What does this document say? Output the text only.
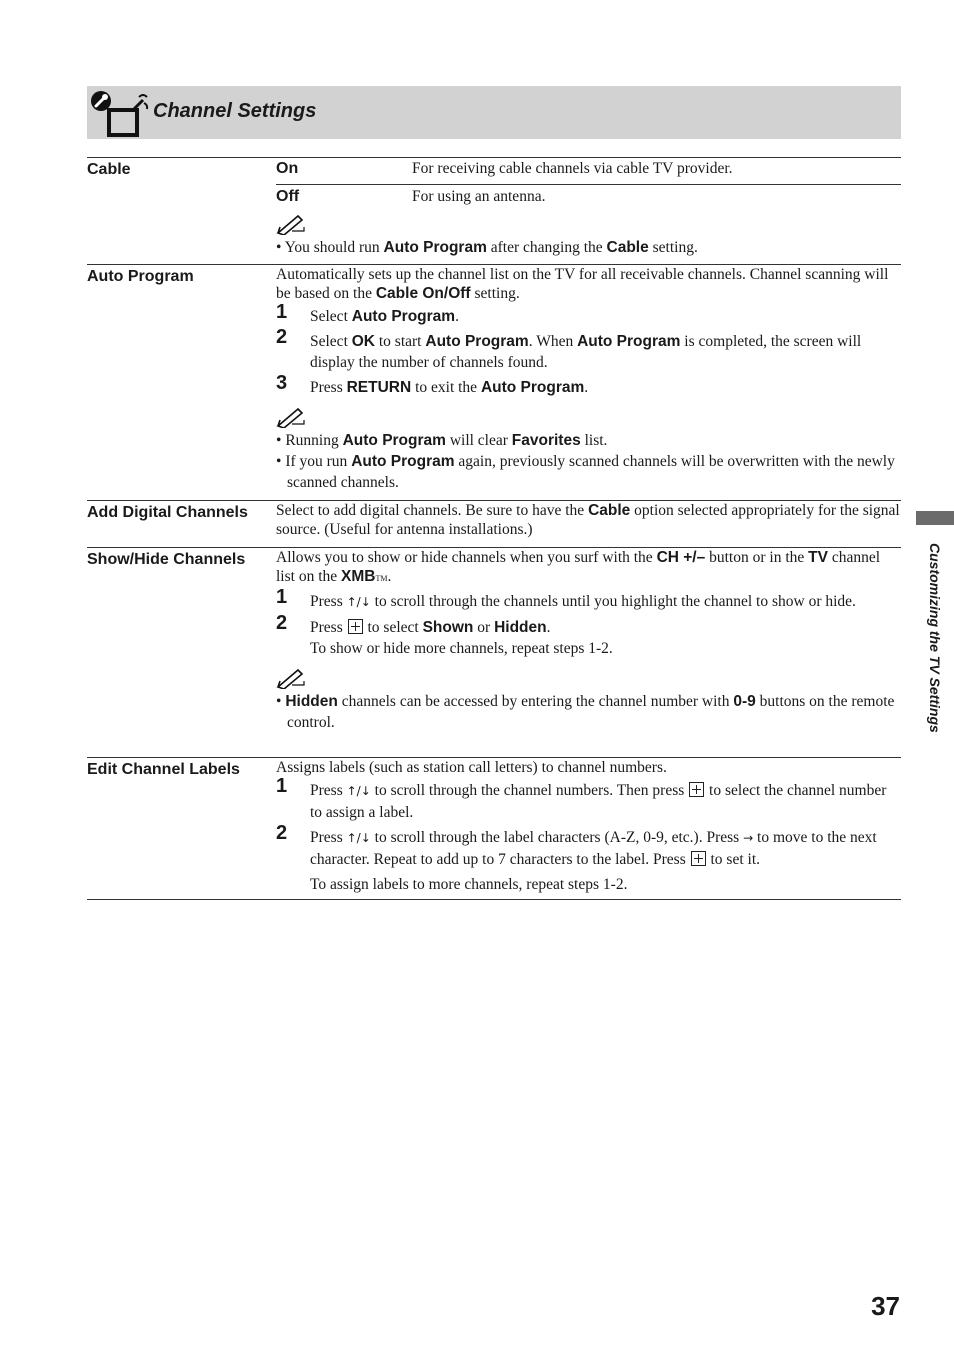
Channel Settings
Cable	On	For receiving cable channels via cable TV provider.
Off	For using an antenna.
• You should run Auto Program after changing the Cable setting.
Auto Program	Automatically sets up the channel list on the TV for all receivable channels. Channel scanning will be based on the Cable On/Off setting.
1 Select Auto Program.
2 Select OK to start Auto Program. When Auto Program is completed, the screen will display the number of channels found.
3 Press RETURN to exit the Auto Program.
• Running Auto Program will clear Favorites list.
• If you run Auto Program again, previously scanned channels will be overwritten with the newly scanned channels.
Add Digital Channels	Select to add digital channels. Be sure to have the Cable option selected appropriately for the signal source. (Useful for antenna installations.)
Show/Hide Channels	Allows you to show or hide channels when you surf with the CH +/– button or in the TV channel list on the XMBTM.
1 Press ↑/↓ to scroll through the channels until you highlight the channel to show or hide.
2 Press to select Shown or Hidden.
To show or hide more channels, repeat steps 1-2.
• Hidden channels can be accessed by entering the channel number with 0-9 buttons on the remote control.
Edit Channel Labels	Assigns labels (such as station call letters) to channel numbers.
1 Press ↑/↓ to scroll through the channel numbers. Then press to select the channel number to assign a label.
2 Press ↑/↓ to scroll through the label characters (A-Z, 0-9, etc.). Press → to move to the next character. Repeat to add up to 7 characters to the label. Press to set it.
To assign labels to more channels, repeat steps 1-2.
Customizing the TV Settings
37
